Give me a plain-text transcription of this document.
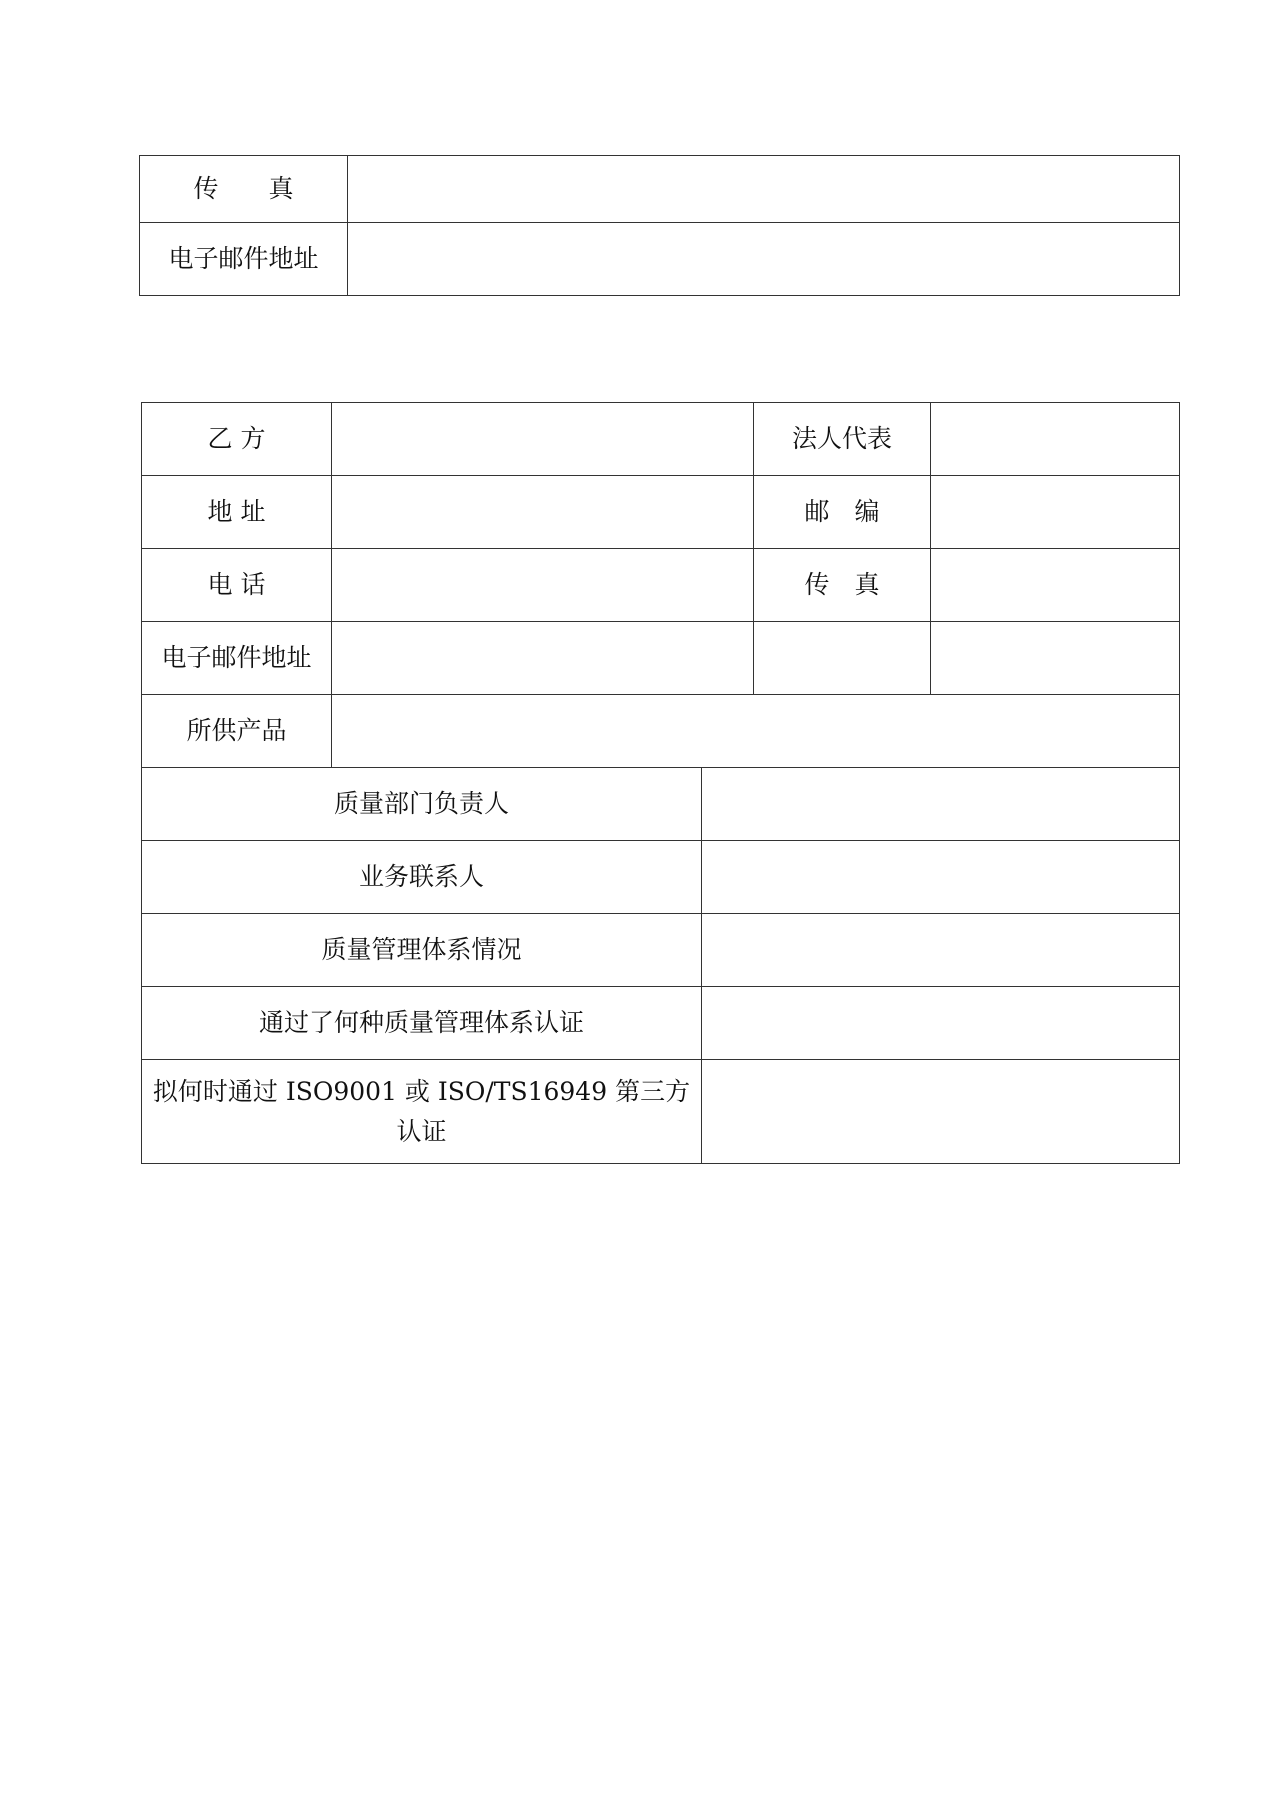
传　　真	
电子邮件地址	
乙 方			法人代表	
地 址			邮　编	
电 话			传　真	
电子邮件地址				
所供产品				
质量部门负责人				
业务联系人				
质量管理体系情况				
通过了何种质量管理体系认证				
拟何时通过 ISO9001 或 ISO/TS16949 第三方认证				
